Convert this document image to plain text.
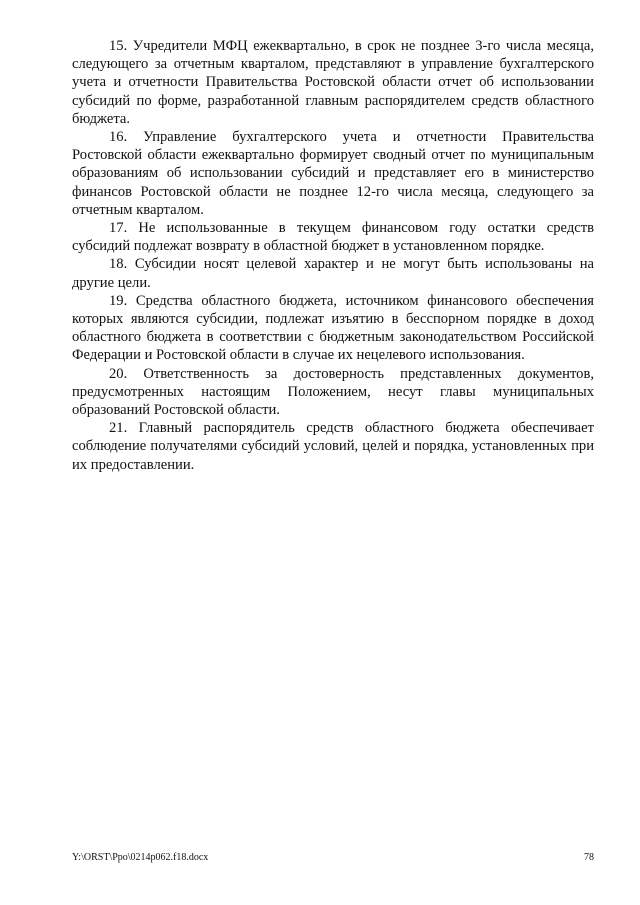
15. Учредители МФЦ ежеквартально, в срок не позднее 3-го числа месяца, следующего за отчетным кварталом, представляют в управление бухгалтерского учета и отчетности Правительства Ростовской области отчет об использовании субсидий по форме, разработанной главным распорядителем средств областного бюджета.

16. Управление бухгалтерского учета и отчетности Правительства Ростовской области ежеквартально формирует сводный отчет по муниципальным образованиям об использовании субсидий и представляет его в министерство финансов Ростовской области не позднее 12-го числа месяца, следующего за отчетным кварталом.

17. Не использованные в текущем финансовом году остатки средств субсидий подлежат возврату в областной бюджет в установленном порядке.

18. Субсидии носят целевой характер и не могут быть использованы на другие цели.

19. Средства областного бюджета, источником финансового обеспечения которых являются субсидии, подлежат изъятию в бесспорном порядке в доход областного бюджета в соответствии с бюджетным законодательством Российской Федерации и Ростовской области в случае их нецелевого использования.

20. Ответственность за достоверность представленных документов, предусмотренных настоящим Положением, несут главы муниципальных образований Ростовской области.

21. Главный распорядитель средств областного бюджета обеспечивает соблюдение получателями субсидий условий, целей и порядка, установленных при их предоставлении.

Y:\ORST\Ppo\0214p062.f18.docx	78
